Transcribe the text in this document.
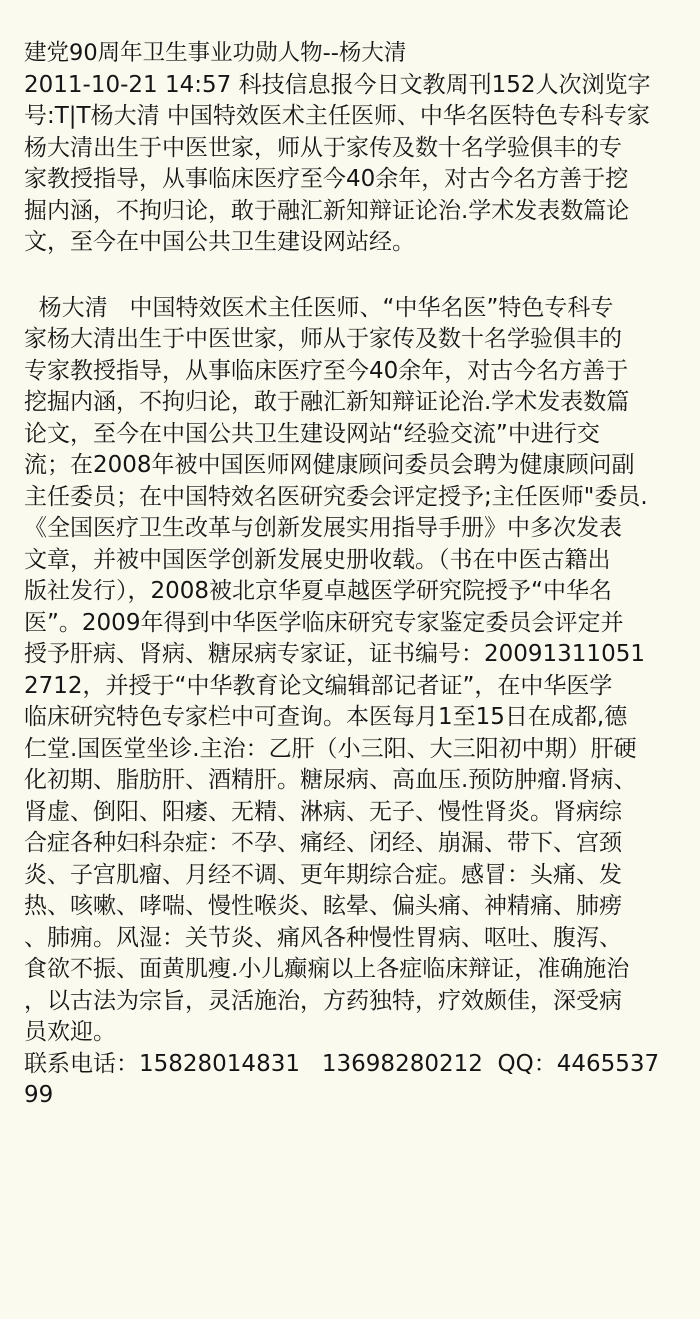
建党90周年卫生事业功勋人物--杨大清
2011-10-21 14:57 科技信息报今日文教周刊152人次浏览字
号:T|T杨大清 中国特效医术主任医师、中华名医特色专科专家
杨大清出生于中医世家，师从于家传及数十名学验俱丰的专
家教授指导，从事临床医疗至今40余年，对古今名方善于挖
掘内涵，不拘归论，敢于融汇新知辩证论治.学术发表数篇论
文，至今在中国公共卫生建设网站经。
杨大清   中国特效医术主任医师、“中华名医”特色专科专
家杨大清出生于中医世家，师从于家传及数十名学验俱丰的
专家教授指导，从事临床医疗至今40余年，对古今名方善于
挖掘内涵，不拘归论，敢于融汇新知辩证论治.学术发表数篇
论文，至今在中国公共卫生建设网站“经验交流”中进行交
流；在2008年被中国医师网健康顾问委员会聘为健康顾问副
主任委员；在中国特效名医研究委会评定授予;主任医师"委员.
《全国医疗卫生改革与创新发展实用指导手册》中多次发表
文章，并被中国医学创新发展史册收载。（书在中医古籍出
版社发行），2008被北京华夏卓越医学研究院授予“中华名
医”。2009年得到中华医学临床研究专家鉴定委员会评定并
授予肝病、肾病、糖尿病专家证，证书编号：20091311051
2712，并授于“中华教育论文编辑部记者证”，在中华医学
临床研究特色专家栏中可查询。本医每月1至15日在成都,德
仁堂.国医堂坐诊.主治：乙肝（小三阳、大三阳初中期）肝硬
化初期、脂肪肝、酒精肝。糖尿病、高血压.预防肿瘤.肾病、
肾虚、倒阳、阳痿、无精、淋病、无子、慢性肾炎。肾病综
合症各种妇科杂症：不孕、痛经、闭经、崩漏、带下、宫颈
炎、子宫肌瘤、月经不调、更年期综合症。感冒：头痛、发
热、咳嗽、哮喘、慢性喉炎、眩晕、偏头痛、神精痛、肺痨
、肺痈。风湿：关节炎、痛风各种慢性胃病、呕吐、腹泻、
食欲不振、面黄肌瘦.小儿癫痫以上各症临床辩证，准确施治
，以古法为宗旨，灵活施治，方药独特，疗效颇佳，深受病
员欢迎。
联系电话：15828014831   13698280212  QQ：4465537
99
